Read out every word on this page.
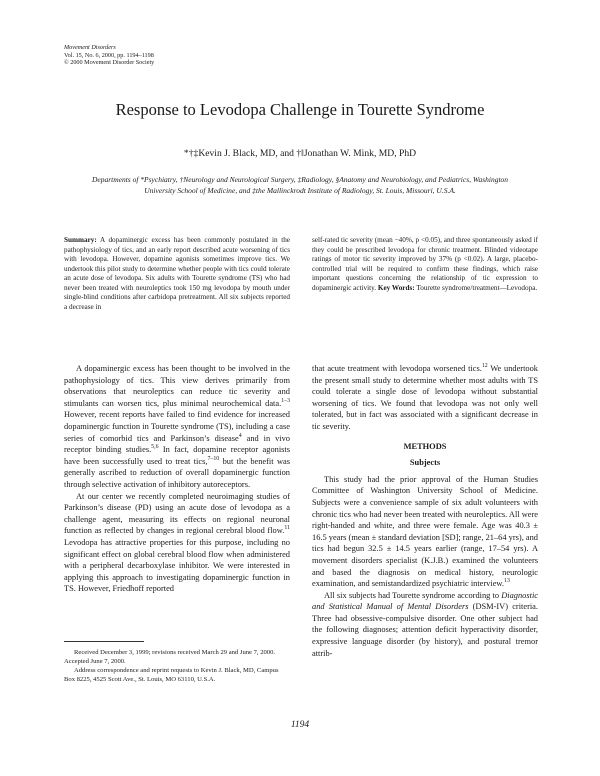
Movement Disorders
Vol. 15, No. 6, 2000, pp. 1194–1198
© 2000 Movement Disorder Society
Response to Levodopa Challenge in Tourette Syndrome
*†‡Kevin J. Black, MD, and †‖Jonathan W. Mink, MD, PhD
Departments of *Psychiatry, †Neurology and Neurological Surgery, ‡Radiology, §Anatomy and Neurobiology, and Pediatrics, Washington University School of Medicine, and ‡the Mallinckrodt Institute of Radiology, St. Louis, Missouri, U.S.A.
Summary: A dopaminergic excess has been commonly postulated in the pathophysiology of tics, and an early report described acute worsening of tics with levodopa. However, dopamine agonists sometimes improve tics. We undertook this pilot study to determine whether people with tics could tolerate an acute dose of levodopa. Six adults with Tourette syndrome (TS) who had never been treated with neuroleptics took 150 mg levodopa by mouth under single-blind conditions after carbidopa pretreatment. All six subjects reported a decrease in
self-rated tic severity (mean −40%, p <0.05), and three spontaneously asked if they could be prescribed levodopa for chronic treatment. Blinded videotape ratings of motor tic severity improved by 37% (p <0.02). A large, placebo-controlled trial will be required to confirm these findings, which raise important questions concerning the relationship of tic expression to dopaminergic activity. Key Words: Tourette syndrome/treatment—Levodopa.

A dopaminergic excess has been thought to be involved in the pathophysiology of tics. This view derives primarily from observations that neuroleptics can reduce tic severity and stimulants can worsen tics, plus minimal neurochemical data.$^{1-3}$ However, recent reports have failed to find evidence for increased dopaminergic function in Tourette syndrome (TS), including a case series of comorbid tics and Parkinson’s disease$^4$ and in vivo receptor binding studies.$^{5,6}$ In fact, dopamine receptor agonists have been successfully used to treat tics,$^{7-10}$ but the benefit was generally ascribed to reduction of overall dopaminergic function through selective activation of inhibitory autoreceptors.

At our center we recently completed neuroimaging studies of Parkinson’s disease (PD) using an acute dose of levodopa as a challenge agent, measuring its effects on regional neuronal function as reflected by changes in regional cerebral blood flow.$^{11}$ Levodopa has attractive properties for this purpose, including no significant effect on global cerebral blood flow when administered with a peripheral decarboxylase inhibitor. We were interested in applying this approach to investigating dopaminergic function in TS. However, Friedhoff reported

that acute treatment with levodopa worsened tics.$^{12}$ We undertook the present small study to determine whether most adults with TS could tolerate a single dose of levodopa without substantial worsening of tics. We found that levodopa was not only well tolerated, but in fact was associated with a significant decrease in tic severity.

METHODS
Subjects

This study had the prior approval of the Human Studies Committee of Washington University School of Medicine. Subjects were a convenience sample of six adult volunteers with chronic tics who had never been treated with neuroleptics. All were right-handed and white, and three were female. Age was 40.3 ± 16.5 years (mean ± standard deviation [SD]; range, 21–64 yrs), and tics had begun 32.5 ± 14.5 years earlier (range, 17–54 yrs). A movement disorders specialist (K.J.B.) examined the volunteers and based the diagnosis on medical history, neurologic examination, and semistandardized psychiatric interview.$^{13}$

All six subjects had Tourette syndrome according to Diagnostic and Statistical Manual of Mental Disorders (DSM-IV) criteria. Three had obsessive-compulsive disorder. One other subject had the following diagnoses; attention deficit hyperactivity disorder, expressive language disorder (by history), and postural tremor attrib-

Received December 3, 1999; revisions received March 29 and June 7, 2000. Accepted June 7, 2000.

Address correspondence and reprint requests to Kevin J. Black, MD, Campus Box 8225, 4525 Scott Ave., St. Louis, MO 63110, U.S.A.

1194
